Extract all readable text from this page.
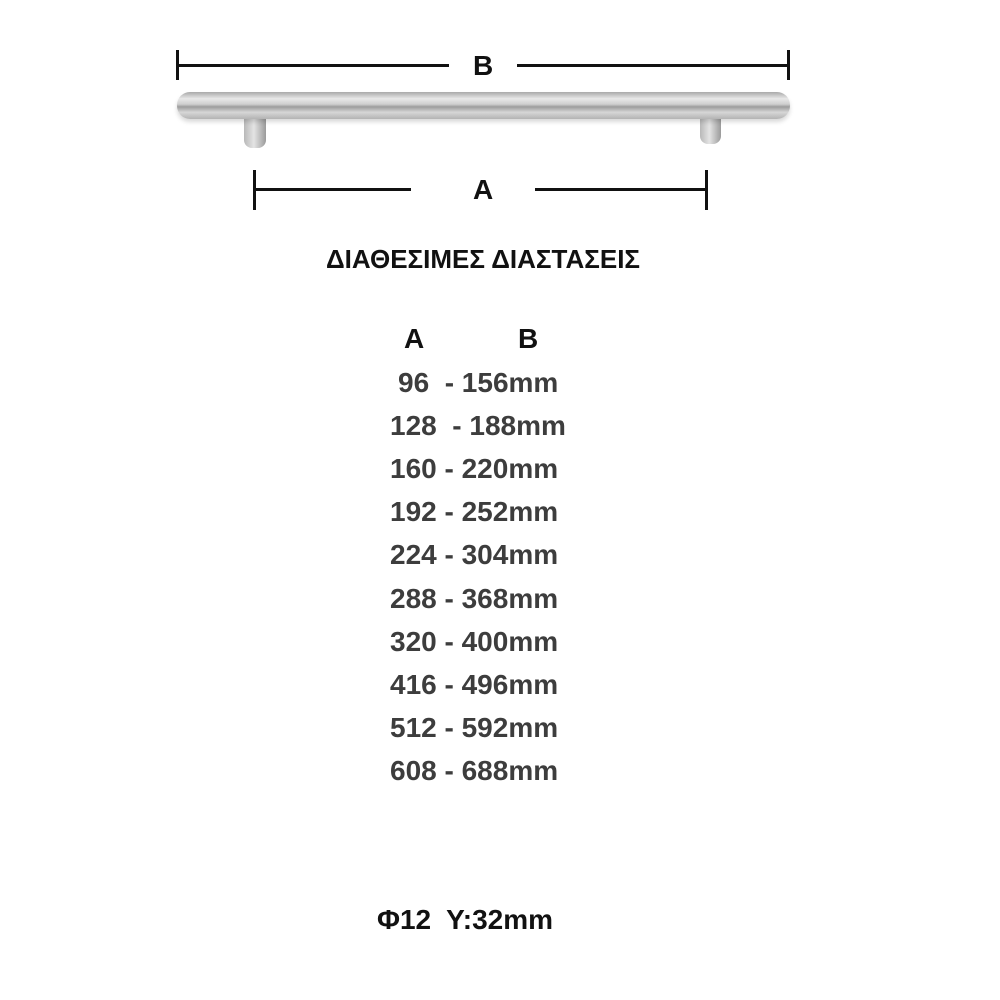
B
A
ΔΙΑΘΕΣΙΜΕΣ ΔΙΑΣΤΑΣΕΙΣ
A	B
96  - 156mm
128  - 188mm
160 - 220mm
192 - 252mm
224 - 304mm
288 - 368mm
320 - 400mm
416 - 496mm
512 - 592mm
608 - 688mm
Φ12  Υ:32mm
